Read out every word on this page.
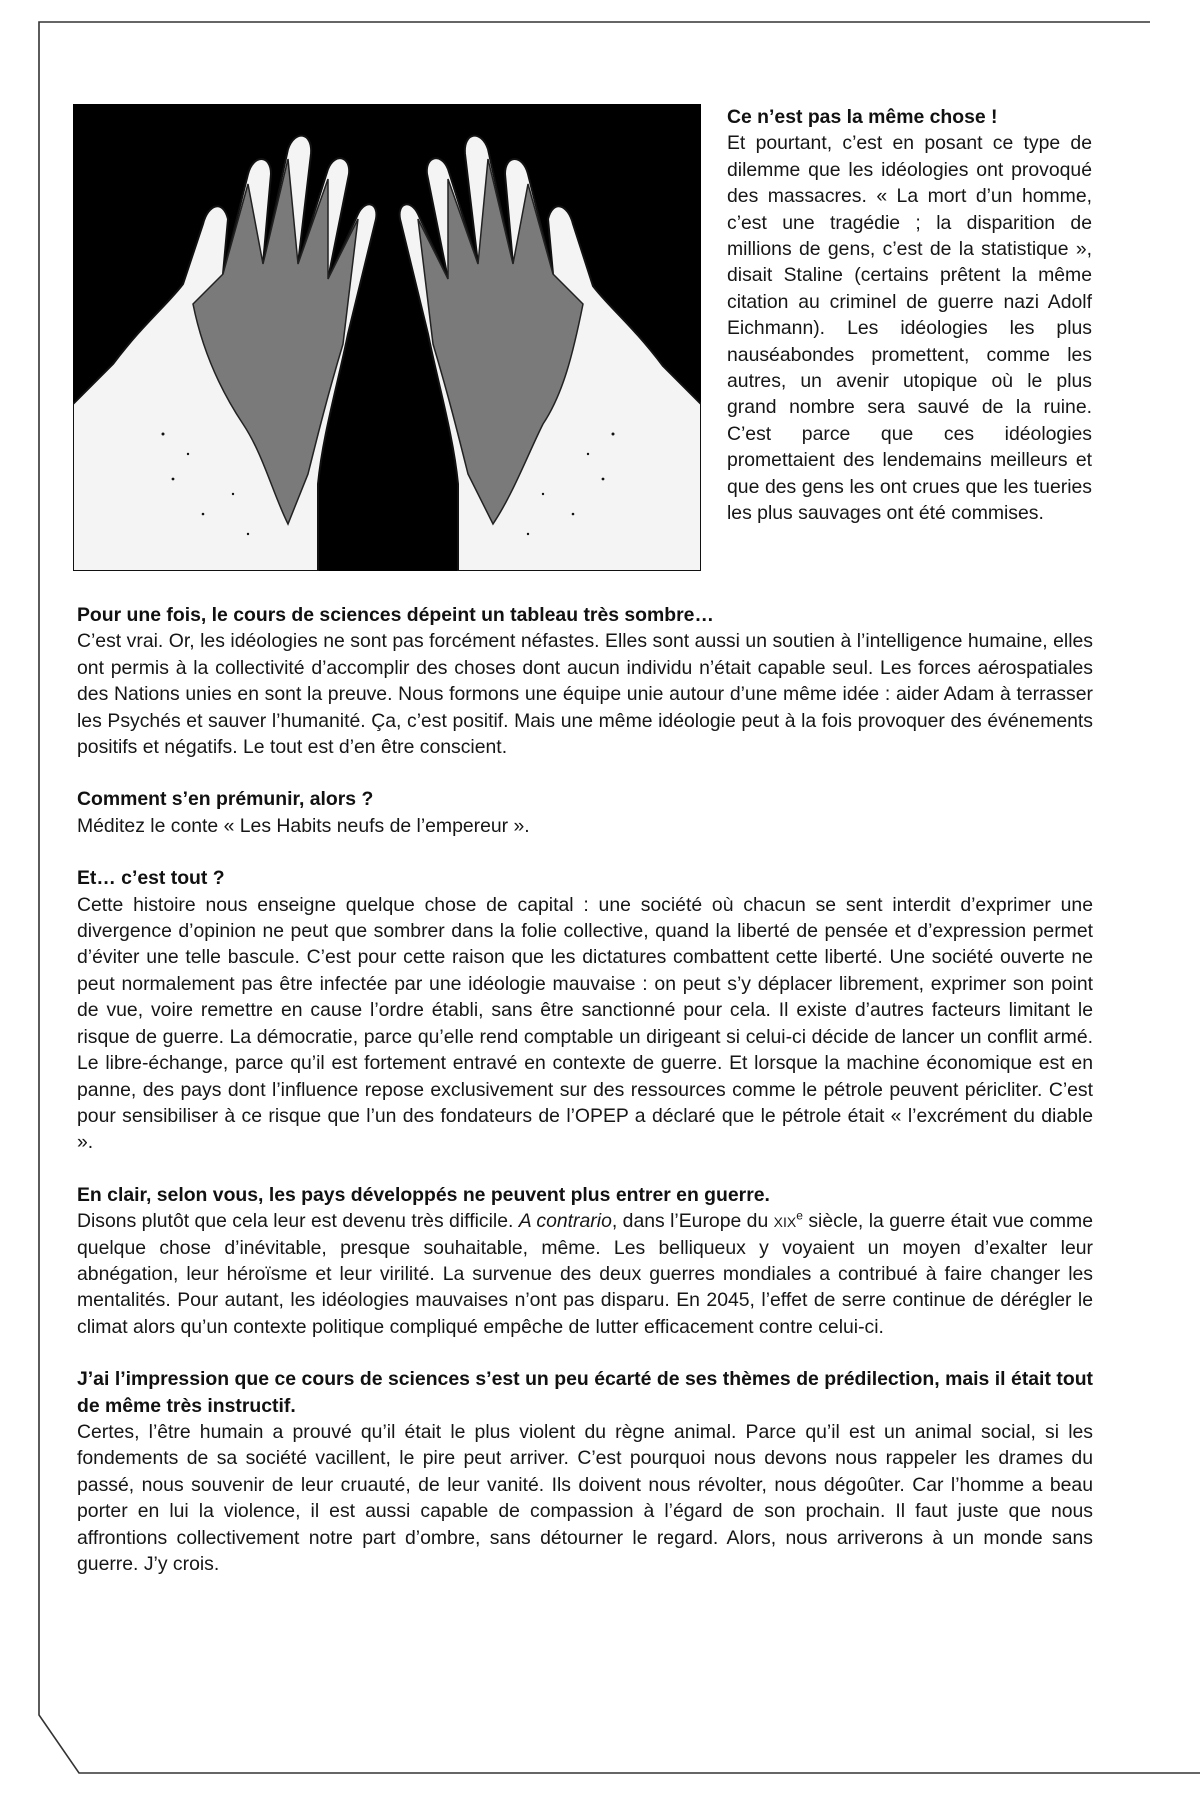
Ce n’est pas la même chose !

Et pourtant, c’est en posant ce type de dilemme que les idéologies ont provoqué des massacres. « La mort d’un homme, c’est une tragédie ; la disparition de millions de gens, c’est de la statistique », disait Staline (certains prêtent la même citation au criminel de guerre nazi Adolf Eichmann). Les idéologies les plus nauséabondes promettent, comme les autres, un avenir utopique où le plus grand nombre sera sauvé de la ruine. C’est parce que ces idéologies promettaient des lendemains meilleurs et que des gens les ont crues que les tueries les plus sauvages ont été commises.

Pour une fois, le cours de sciences dépeint un tableau très sombre…

C’est vrai. Or, les idéologies ne sont pas forcément néfastes. Elles sont aussi un soutien à l’intelligence humaine, elles ont permis à la collectivité d’accomplir des choses dont aucun individu n’était capable seul. Les forces aérospatiales des Nations unies en sont la preuve. Nous formons une équipe unie autour d’une même idée : aider Adam à terrasser les Psychés et sauver l’humanité. Ça, c’est positif. Mais une même idéologie peut à la fois provoquer des événements positifs et négatifs. Le tout est d’en être conscient.

Comment s’en prémunir, alors ?

Méditez le conte « Les Habits neufs de l’empereur ».

Et… c’est tout ?

Cette histoire nous enseigne quelque chose de capital : une société où chacun se sent interdit d’exprimer une divergence d’opinion ne peut que sombrer dans la folie collective, quand la liberté de pensée et d’expression permet d’éviter une telle bascule. C’est pour cette raison que les dictatures combattent cette liberté. Une société ouverte ne peut normalement pas être infectée par une idéologie mauvaise : on peut s’y déplacer librement, exprimer son point de vue, voire remettre en cause l’ordre établi, sans être sanctionné pour cela. Il existe d’autres facteurs limitant le risque de guerre. La démocratie, parce qu’elle rend comptable un dirigeant si celui-ci décide de lancer un conflit armé. Le libre-échange, parce qu’il est fortement entravé en contexte de guerre. Et lorsque la machine économique est en panne, des pays dont l’influence repose exclusivement sur des ressources comme le pétrole peuvent péricliter. C’est pour sensibiliser à ce risque que l’un des fondateurs de l’OPEP a déclaré que le pétrole était « l’excrément du diable ».

En clair, selon vous, les pays développés ne peuvent plus entrer en guerre.

Disons plutôt que cela leur est devenu très difficile. A contrario, dans l’Europe du xix$^e$ siècle, la guerre était vue comme quelque chose d’inévitable, presque souhaitable, même. Les belliqueux y voyaient un moyen d’exalter leur abnégation, leur héroïsme et leur virilité. La survenue des deux guerres mondiales a contribué à faire changer les mentalités. Pour autant, les idéologies mauvaises n’ont pas disparu. En 2045, l’effet de serre continue de dérégler le climat alors qu’un contexte politique compliqué empêche de lutter efficacement contre celui-ci.

J’ai l’impression que ce cours de sciences s’est un peu écarté de ses thèmes de prédilection, mais il était tout de même très instructif.

Certes, l’être humain a prouvé qu’il était le plus violent du règne animal. Parce qu’il est un animal social, si les fondements de sa société vacillent, le pire peut arriver. C’est pourquoi nous devons nous rappeler les drames du passé, nous souvenir de leur cruauté, de leur vanité. Ils doivent nous révolter, nous dégoûter. Car l’homme a beau porter en lui la violence, il est aussi capable de compassion à l’égard de son prochain. Il faut juste que nous affrontions collectivement notre part d’ombre, sans détourner le regard. Alors, nous arriverons à un monde sans guerre. J’y crois.
